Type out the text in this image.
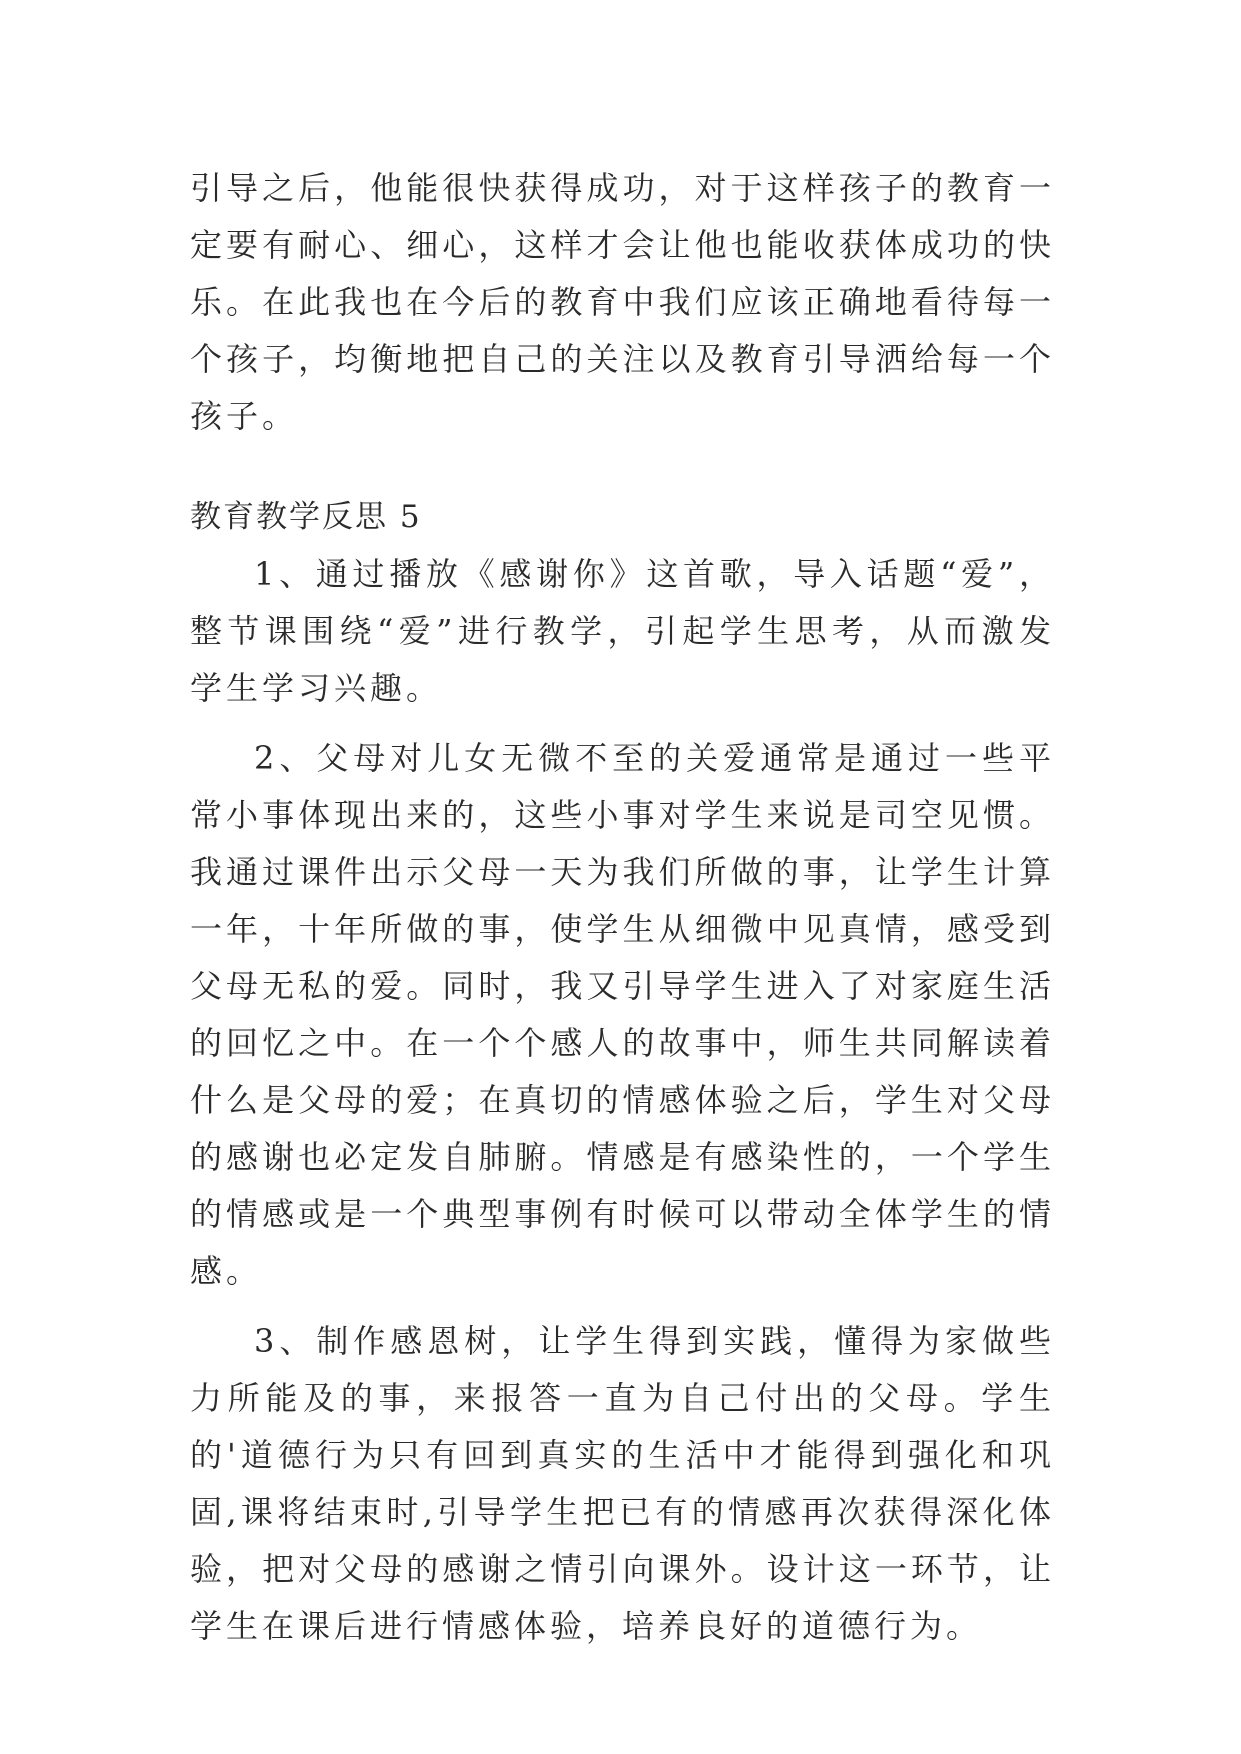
引导之后，他能很快获得成功，对于这样孩子的教育一定要有耐心、细心，这样才会让他也能收获体成功的快乐。在此我也在今后的教育中我们应该正确地看待每一个孩子，均衡地把自己的关注以及教育引导洒给每一个孩子。

教育教学反思 5

1、通过播放《感谢你》这首歌，导入话题“爱”，整节课围绕“爱”进行教学，引起学生思考，从而激发学生学习兴趣。

2、父母对儿女无微不至的关爱通常是通过一些平常小事体现出来的，这些小事对学生来说是司空见惯。我通过课件出示父母一天为我们所做的事，让学生计算一年，十年所做的事，使学生从细微中见真情，感受到父母无私的爱。同时，我又引导学生进入了对家庭生活的回忆之中。在一个个感人的故事中，师生共同解读着什么是父母的爱；在真切的情感体验之后，学生对父母的感谢也必定发自肺腑。情感是有感染性的，一个学生的情感或是一个典型事例有时候可以带动全体学生的情感。

3、制作感恩树，让学生得到实践，懂得为家做些力所能及的事，来报答一直为自己付出的父母。学生的'道德行为只有回到真实的生活中才能得到强化和巩固,课将结束时,引导学生把已有的情感再次获得深化体验，把对父母的感谢之情引向课外。设计这一环节，让学生在课后进行情感体验，培养良好的道德行为。
